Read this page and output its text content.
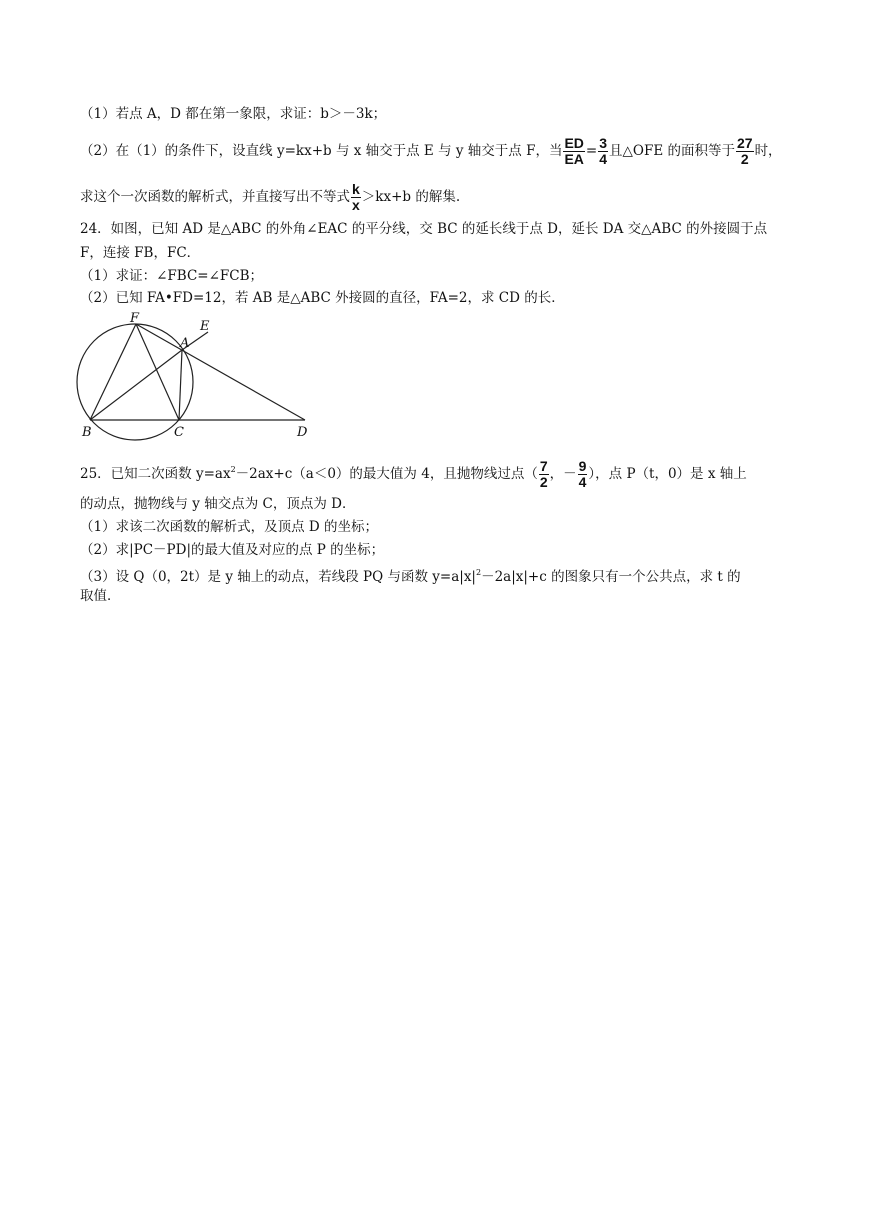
（1）若点 A，D 都在第一象限，求证：b＞－3k；
（2）在（1）的条件下，设直线 y=kx+b 与 x 轴交于点 E 与 y 轴交于点 F，当 $\frac{ED}{EA} = \frac{3}{4}$ 且△OFE 的面积等于 $\frac{27}{2}$ 时，
求这个一次函数的解析式，并直接写出不等式 $\frac{k}{x} >kx+b$ 的解集.
24．如图，已知 AD 是△ABC 的外角∠EAC 的平分线，交 BC 的延长线于点 D，延长 DA 交△ABC 的外接圆于点
F，连接 FB，FC．
（1）求证：∠FBC=∠FCB；
（2）已知 FA•FD=12，若 AB 是△ABC 外接圆的直径，FA=2，求 CD 的长．
F
E
A
B	C	D
25．已知二次函数 $y=ax^2-2ax+c(a<0)$的最大值为 4，且抛物线过点（ $\frac{7}{2}$ ，－ $\frac{9}{4}$ ），点 P（t，0）是 x 轴上
的动点，抛物线与 y 轴交点为 C，顶点为 D．
（1）求该二次函数的解析式，及顶点 D 的坐标；
（2）求|PC－PD|的最大值及对应的点 P 的坐标；
（3）设 Q（0，2t）是 y 轴上的动点，若线段 PQ 与函数 $y=a|x|^2-2a|x|+c$ 的图象只有一个公共点，求 t 的
取值．
